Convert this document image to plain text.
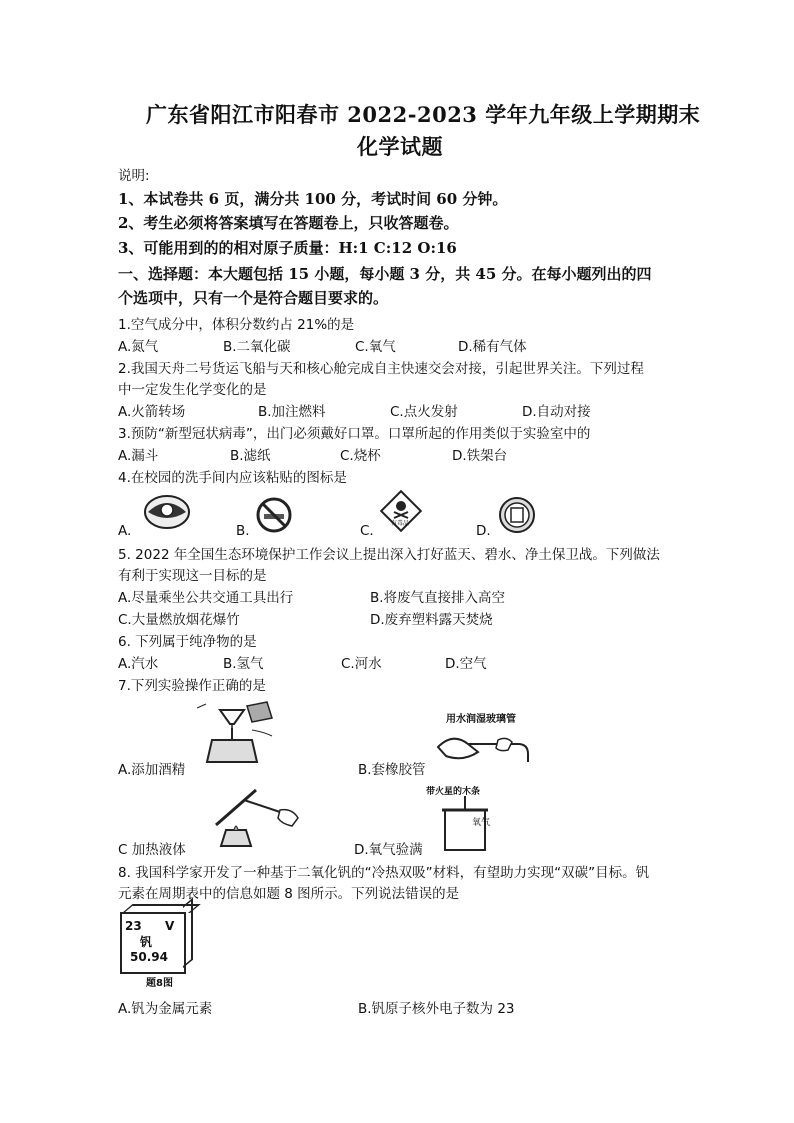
广东省阳江市阳春市 2022-2023 学年九年级上学期期末
化学试题
说明:
1、本试卷共 6 页，满分共 100 分，考试时间 60 分钟。
2、考生必须将答案填写在答题卷上，只收答题卷。
3、可能用到的的相对原子质量：H:1 C:12 O:16
一、选择题：本大题包括 15 小题，每小题 3 分，共 45 分。在每小题列出的四
个选项中，只有一个是符合题目要求的。
1.空气成分中，体积分数约占 21%的是
A.氮气	B.二氧化碳	C.氧气	D.稀有气体
2.我国天舟二号货运飞船与天和核心舱完成自主快速交会对接，引起世界关注。下列过程
中一定发生化学变化的是
A.火箭转场	B.加注燃料	C.点火发射	D.自动对接
3.预防“新型冠状病毒”，出门必须戴好口罩。口罩所起的作用类似于实验室中的
A.漏斗	B.滤纸	C.烧杯	D.铁架台
4.在校园的洗手间内应该粘贴的图标是
A.	B.	C.	D.
有毒品
5. 2022 年全国生态环境保护工作会议上提出深入打好蓝天、碧水、净土保卫战。下列做法
有利于实现这一目标的是
A.尽量乘坐公共交通工具出行	B.将废气直接排入高空
C.大量燃放烟花爆竹	D.废弃塑料露天焚烧
6. 下列属于纯净物的是
A.汽水	B.氢气	C.河水	D.空气
7.下列实验操作正确的是
A.添加酒精
用水润湿玻璃管
B.套橡胶管
C 加热液体
带火星的木条
氧气
D.氧气验满
8. 我国科学家开发了一种基于二氧化钒的“冷热双吸”材料，有望助力实现“双碳”目标。钒
元素在周期表中的信息如题 8 图所示。下列说法错误的是
23 V
钒
50.94
题8图
A.钒为金属元素	B.钒原子核外电子数为 23
